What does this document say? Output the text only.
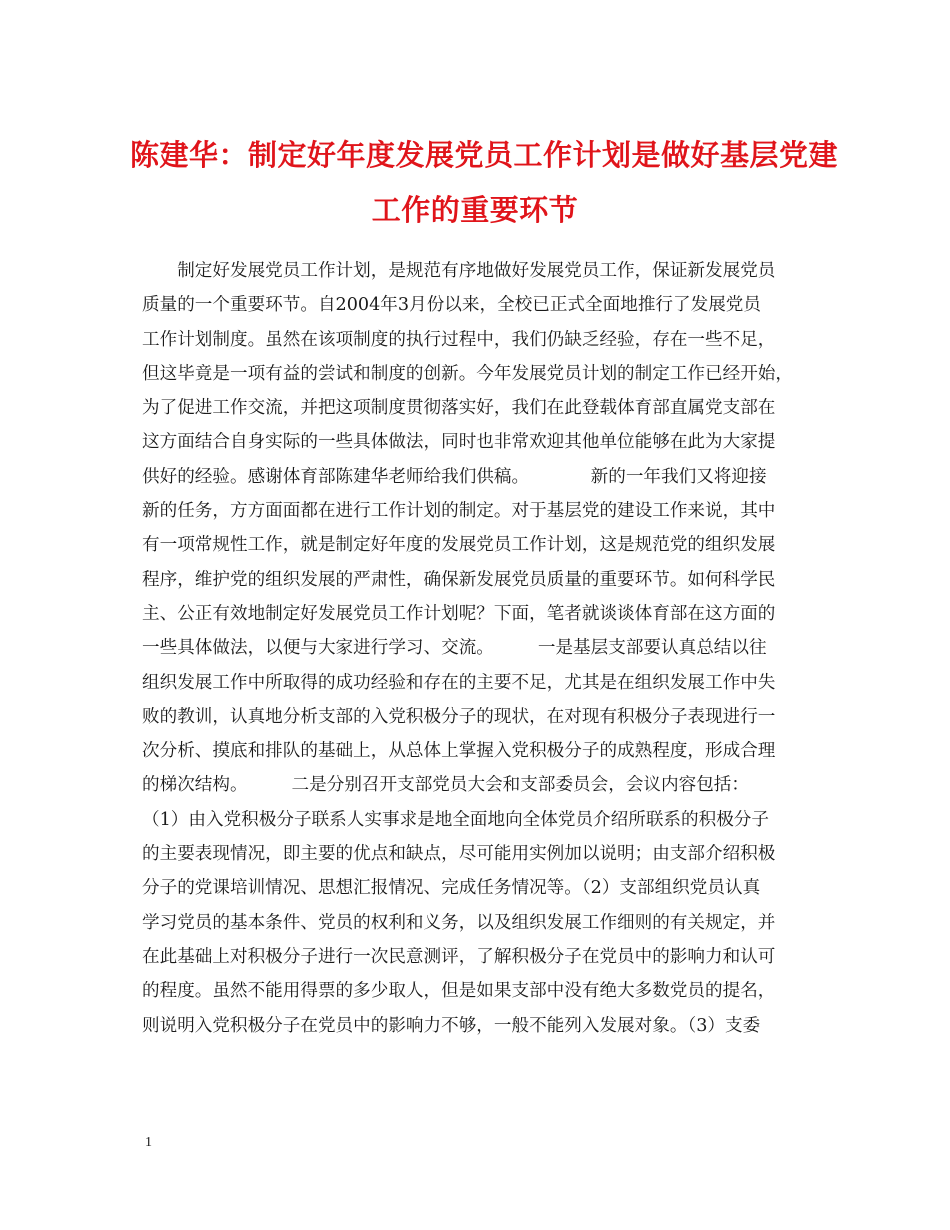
陈建华：制定好年度发展党员工作计划是做好基层党建
工作的重要环节
　　制定好发展党员工作计划，是规范有序地做好发展党员工作，保证新发展党员
质量的一个重要环节。自2004年3月份以来，全校已正式全面地推行了发展党员
工作计划制度。虽然在该项制度的执行过程中，我们仍缺乏经验，存在一些不足，
但这毕竟是一项有益的尝试和制度的创新。今年发展党员计划的制定工作已经开始，
为了促进工作交流，并把这项制度贯彻落实好，我们在此登载体育部直属党支部在
这方面结合自身实际的一些具体做法，同时也非常欢迎其他单位能够在此为大家提
供好的经验。感谢体育部陈建华老师给我们供稿。　　　　新的一年我们又将迎接
新的任务，方方面面都在进行工作计划的制定。对于基层党的建设工作来说，其中
有一项常规性工作，就是制定好年度的发展党员工作计划，这是规范党的组织发展
程序，维护党的组织发展的严肃性，确保新发展党员质量的重要环节。如何科学民
主、公正有效地制定好发展党员工作计划呢？下面，笔者就谈谈体育部在这方面的
一些具体做法，以便与大家进行学习、交流。　　　一是基层支部要认真总结以往
组织发展工作中所取得的成功经验和存在的主要不足，尤其是在组织发展工作中失
败的教训，认真地分析支部的入党积极分子的现状，在对现有积极分子表现进行一
次分析、摸底和排队的基础上，从总体上掌握入党积极分子的成熟程度，形成合理
的梯次结构。　　　二是分别召开支部党员大会和支部委员会，会议内容包括：
（1）由入党积极分子联系人实事求是地全面地向全体党员介绍所联系的积极分子
的主要表现情况，即主要的优点和缺点，尽可能用实例加以说明；由支部介绍积极
分子的党课培训情况、思想汇报情况、完成任务情况等。（2）支部组织党员认真
学习党员的基本条件、党员的权利和义务，以及组织发展工作细则的有关规定，并
在此基础上对积极分子进行一次民意测评，了解积极分子在党员中的影响力和认可
的程度。虽然不能用得票的多少取人，但是如果支部中没有绝大多数党员的提名，
则说明入党积极分子在党员中的影响力不够，一般不能列入发展对象。（3）支委
1
